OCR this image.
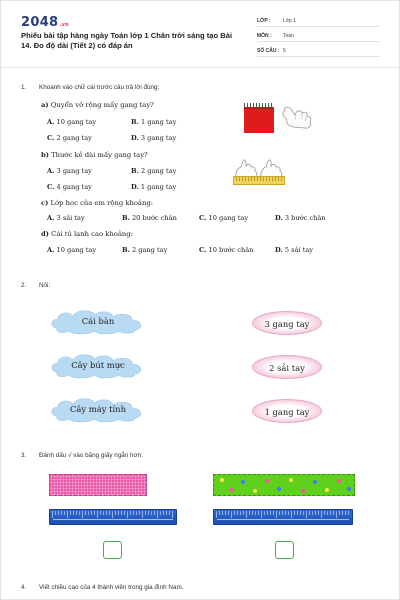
2048.vn
Phiếu bài tập hàng ngày Toán lớp 1 Chân trời sáng tạo Bài 14. Đo độ dài (Tiết 2) có đáp án
LỚP : Lớp 1
MÔN : Toán
SỐ CÂU : 5
1. Khoanh vào chữ cái trước câu trả lời đúng:
a) Quyển vở rộng mấy gang tay?
A. 10 gang tay	B. 1 gang tay
C. 2 gang tay	D. 3 gang tay
b) Thước kẻ dài mấy gang tay?
A. 3 gang tay	B. 2 gang tay
C. 4 gang tay	D. 1 gang tay
c) Lớp học của em rộng khoảng:
A. 3 sải tay	B. 20 bước chân	C. 10 gang tay	D. 3 bước chân
d) Cái tủ lạnh cao khoảng:
A. 10 gang tay	B. 2 gang tay	C. 10 bước chân	D. 5 sải tay
2. Nối:
Cái bàn
Cây bút mực
Cây máy tính
3 gang tay
2 sải tay
1 gang tay
3. Đánh dấu √ vào băng giấy ngắn hơn:
4. Viết chiều cao của 4 thành viên trong gia đình Nam.
